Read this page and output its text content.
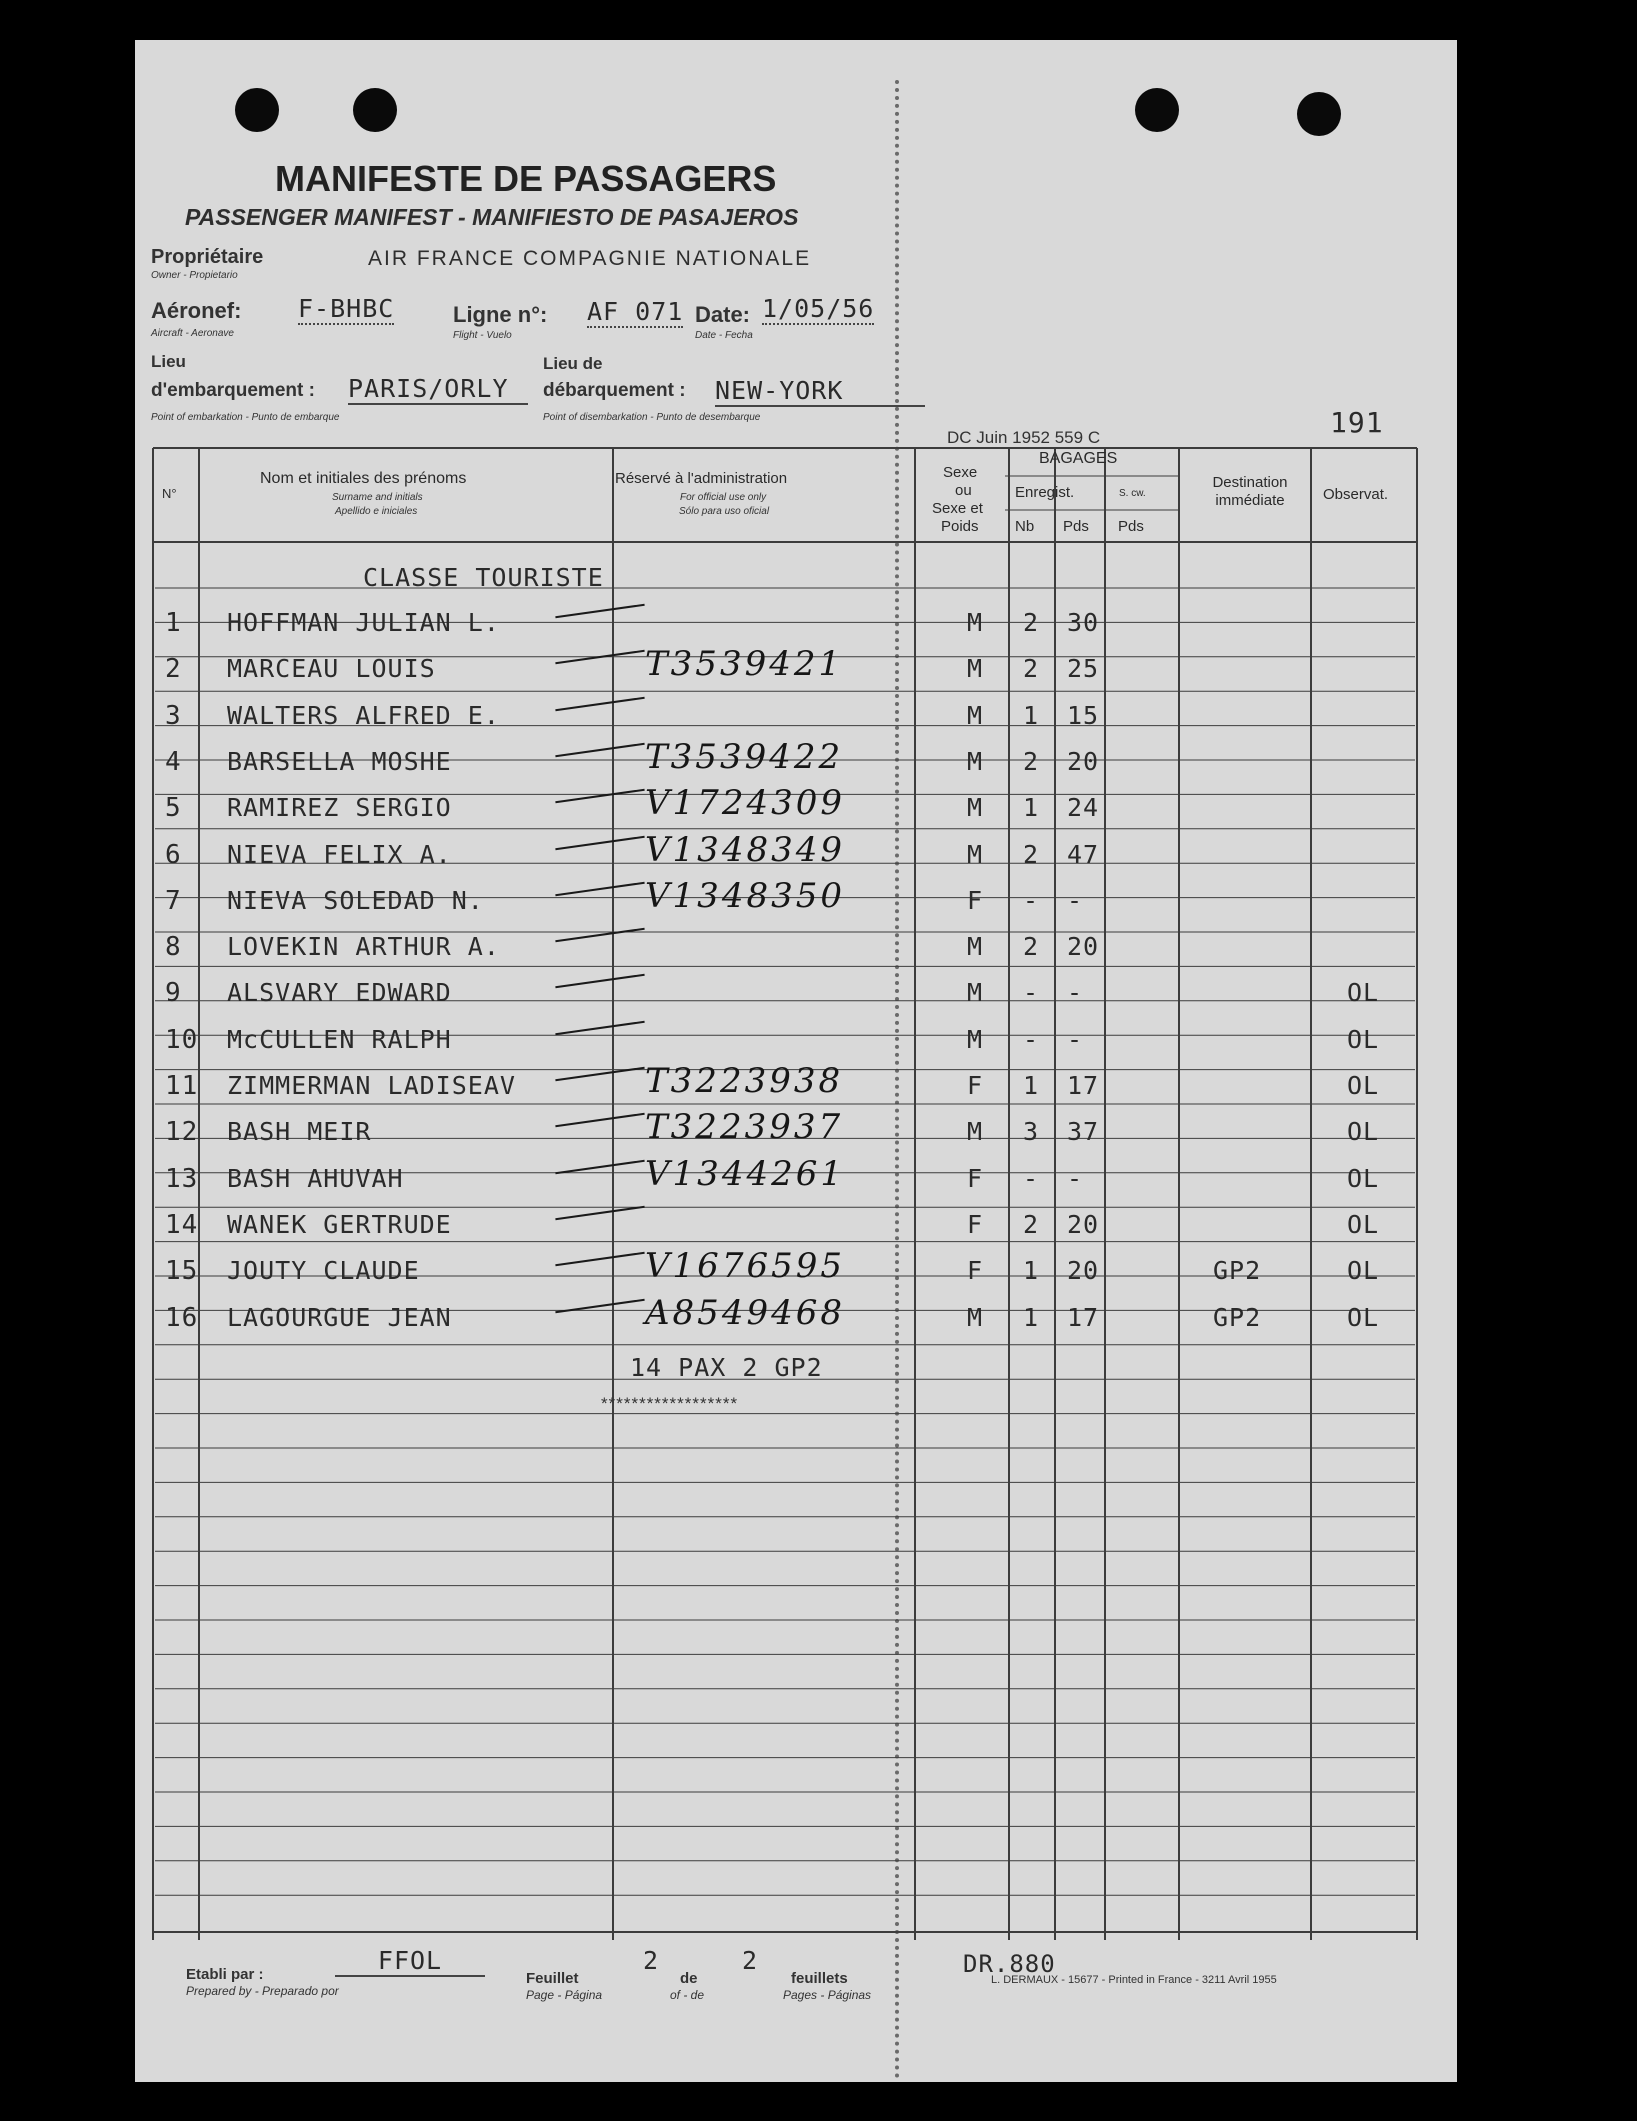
MANIFESTE DE PASSAGERS
PASSENGER MANIFEST - MANIFIESTO DE PASAJEROS
Propriétaire
Owner - Propietario
AIR FRANCE COMPAGNIE NATIONALE
Aéronef:
Aircraft - Aeronave
F-BHBC	Ligne n°:
Flight - Vuelo
AF 071 Date:
Date - Fecha
1/05/56
Lieu
d'embarquement :
Point of embarkation - Punto de embarque
PARIS/ORLY
Lieu de
débarquement :
Point of disembarkation - Punto de desembarque
NEW-YORK
DC Juin 1952 559 C	191
N°
Nom et initiales des prénoms
Surname and initials
Apellido e iniciales
Réservé à l'administration
For official use only
Sólo para uso oficial
Sexe
ou
Sexe et
Poids
BAGAGES
Enregist.
Nb Pds
S. cw.
Pds
Destination immédiate	Observat.
CLASSE TOURISTE
1 HOFFMAN JULIAN L.	M 2 30
2 MARCEAU LOUIS	T3539421	M 2 25
3 WALTERS ALFRED E.	M 1 15
4 BARSELLA MOSHE	T3539422	M 2 20
5 RAMIREZ SERGIO	V1724309	M 1 24
6 NIEVA FELIX A.	V1348349	M 2 47
7 NIEVA SOLEDAD N.	V1348350	F - -
8 LOVEKIN ARTHUR A.	M 2 20
9 ALSVARY EDWARD	M - -	OL
10 McCULLEN RALPH	M - -	OL
11 ZIMMERMAN LADISEAV	T3223938	F 1 17	OL
12 BASH MEIR	T3223937	M 3 37	OL
13 BASH AHUVAH	V1344261	F - -	OL
14 WANEK GERTRUDE	F 2 20	OL
15 JOUTY CLAUDE	V1676595	F 1 20	GP2	OL
16 LAGOURGUE JEAN	A8549468	M 1 17	GP2	OL
14 PAX 2 GP2
******************
Etabli par :
Prepared by - Preparado por
FFOL
Feuillet
Page - Página
2
de
of - de
2
feuillets
Pages - Páginas
DR.880
L. DERMAUX - 15677 - Printed in France - 3211 Avril 1955
